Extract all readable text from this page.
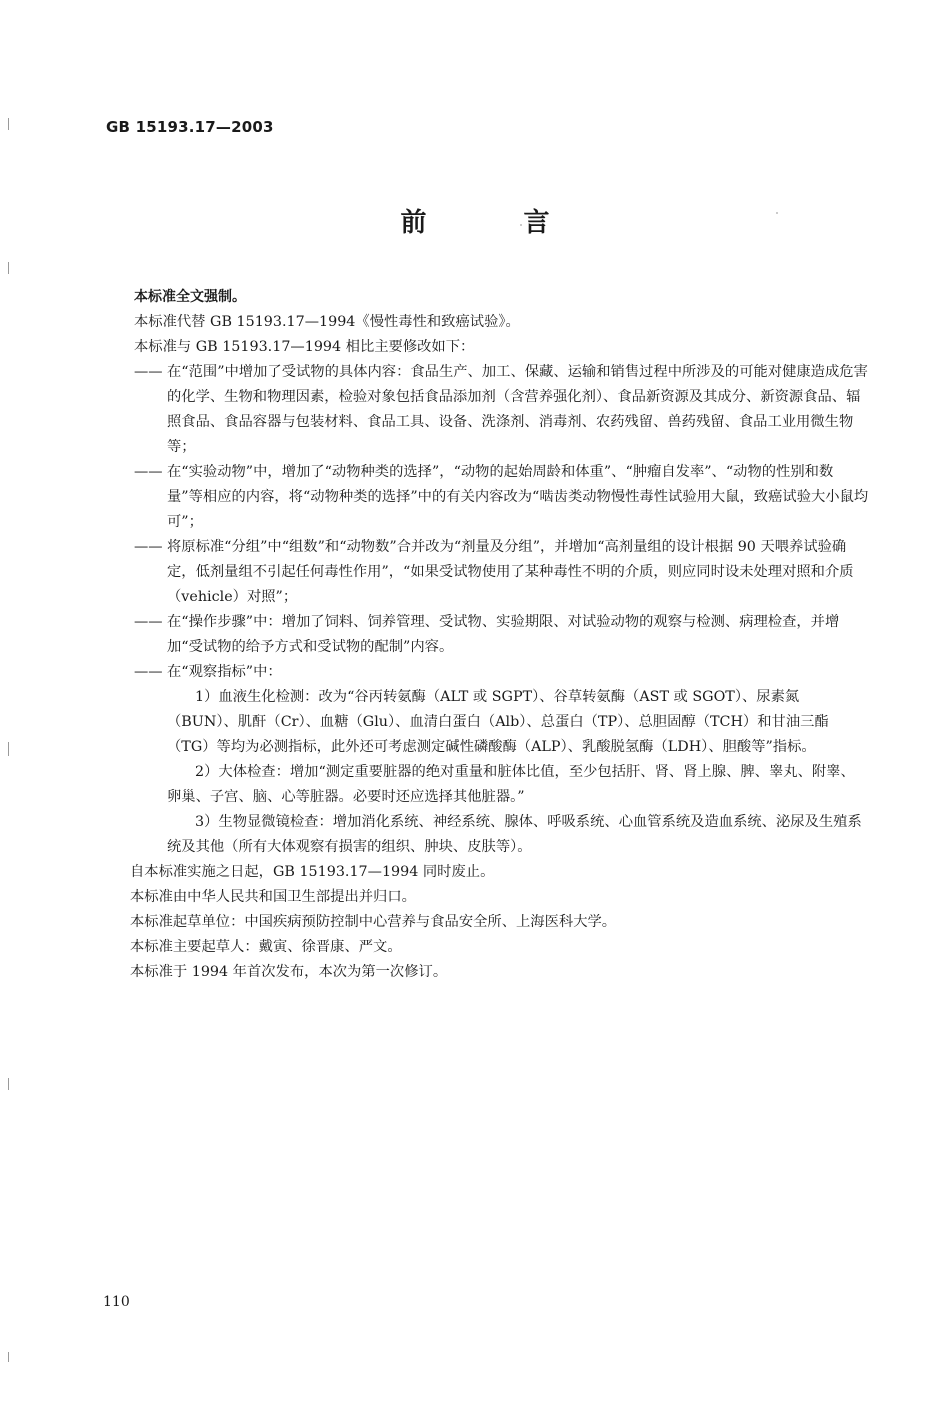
GB 15193.17—2003
前 言

本标准全文强制。

本标准代替 GB 15193.17—1994《慢性毒性和致癌试验》。

本标准与 GB 15193.17—1994 相比主要修改如下：

—— 在“范围”中增加了受试物的具体内容：食品生产、加工、保藏、运输和销售过程中所涉及的可能对健康造成危害的化学、生物和物理因素，检验对象包括食品添加剂（含营养强化剂）、食品新资源及其成分、新资源食品、辐照食品、食品容器与包装材料、食品工具、设备、洗涤剂、消毒剂、农药残留、兽药残留、食品工业用微生物等；
—— 在“实验动物”中，增加了“动物种类的选择”，“动物的起始周龄和体重”、“肿瘤自发率”、“动物的性别和数量”等相应的内容，将“动物种类的选择”中的有关内容改为“啮齿类动物慢性毒性试验用大鼠，致癌试验大小鼠均可”；
—— 将原标准“分组”中“组数”和“动物数”合并改为“剂量及分组”，并增加“高剂量组的设计根据 90 天喂养试验确定，低剂量组不引起任何毒性作用”，“如果受试物使用了某种毒性不明的介质，则应同时设未处理对照和介质（vehicle）对照”；
—— 在“操作步骤”中：增加了饲料、饲养管理、受试物、实验期限、对试验动物的观察与检测、病理检查，并增加“受试物的给予方式和受试物的配制”内容。
—— 在“观察指标”中：

1）血液生化检测：改为“谷丙转氨酶（ALT 或 SGPT）、谷草转氨酶（AST 或 SGOT）、尿素氮（BUN）、肌酐（Cr）、血糖（Glu）、血清白蛋白（Alb）、总蛋白（TP）、总胆固醇（TCH）和甘油三酯（TG）等均为必测指标，此外还可考虑测定碱性磷酸酶（ALP）、乳酸脱氢酶（LDH）、胆酸等”指标。

2）大体检查：增加“测定重要脏器的绝对重量和脏体比值，至少包括肝、肾、肾上腺、脾、睾丸、附睾、卵巢、子宫、脑、心等脏器。必要时还应选择其他脏器。”

3）生物显微镜检查：增加消化系统、神经系统、腺体、呼吸系统、心血管系统及造血系统、泌尿及生殖系统及其他（所有大体观察有损害的组织、肿块、皮肤等）。

自本标准实施之日起，GB 15193.17—1994 同时废止。

本标准由中华人民共和国卫生部提出并归口。

本标准起草单位：中国疾病预防控制中心营养与食品安全所、上海医科大学。

本标准主要起草人：戴寅、徐晋康、严文。

本标准于 1994 年首次发布，本次为第一次修订。

110
